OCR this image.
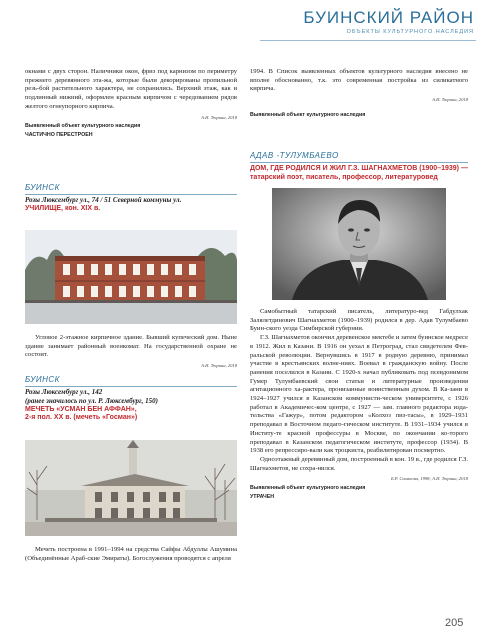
БУИНСКИЙ РАЙОН
ОБЪЕКТЫ КУЛЬТУРНОГО НАСЛЕДИЯ
окнами с двух сторон. Наличники окон, фриз под карнизом по периметру прежнего деревянного эта-жа, которые были декорированы пропильной резь-бой растительного характера, не сохранились. Верхний этаж, как и подлинный нижний, оформлен красным кирпичом с чередованием рядов желтого огнеупорного кирпича.
А.И. Тюрина, 2018
Выявленный объект культурного наследия
ЧАСТИЧНО ПЕРЕСТРОЕН
БУИНСК
Розы Люксембург ул., 74 / 51 Северной коммуны ул.
УЧИЛИЩЕ, кон. XIX в.
Угловое 2-этажное кирпичное здание. Бывший купеческий дом. Ныне здание занимает районный военкомат. На государственной охране не состоит.
А.И. Тюрина, 2018
БУИНСК
Розы Люксембург ул., 142
(ранее значилось по ул. Р. Люксембург, 150)
МЕЧЕТЬ «УСМАН БЕН АФФАН»,
2-я пол. XX в. (мечеть «Госман»)
Мечеть построена в 1991–1994 на средства Сайфы Абдуллы Ашумина (Объединённые Араб-ские Эмираты). Богослужения проводятся с апреля
1994. В Список выявленных объектов культурного наследия внесено не вполне обоснованно, т.к. это современная постройка из силикатного кирпича.
А.И. Тюрина, 2018
Выявленный объект культурного наследия
АДАВ -ТУЛУМБАЕВО
ДОМ, ГДЕ РОДИЛСЯ И ЖИЛ Г.З. ШАГНАХМЕТОВ (1900–1939) — татарский поэт, писатель, профессор, литературовед
Самобытный татарский писатель, литературо-вед Габдулхак Залялетдинович Шагнахметов (1900–1939) родился в дер. Адав Тулумбаево Буин-ского уезда Симбирской губернии.
Г.З. Шагнахметов окончил деревенское мектебе и затем буинское медресе в 1912. Жил в Казани. В 1916 он уехал в Петроград, стал свидетелем Фев-ральской революции. Вернувшись в 1917 в родную деревню, принимал участие в крестьянских волне-ниях. Воевал в гражданскую войну. После ранения поселился в Казани. С 1920-х начал публиковать под псевдонимом Гумер Тулумбаевский свои статьи и литературные произведения агитационного ха-рактера, пронизанные воинственным духом. В Ка-зани в 1924–1927 учился в Казанском коммунисти-ческом университете, с 1926 работал в Академичес-ком центре, с 1927 — зам. главного редактора изда-тельства «Гажур», потом редактором «Колхоз пиз-тасы», в 1929–1931 преподавал в Восточном педаго-гическом институте. В 1931–1934 учился в Институ-те красной профессуры в Москве, по окончании ко-торого преподавал в Казанском педагогическом институте, профессор (1934). В 1938 его репрессиро-вали как троцкиста, реабилитирован посмертно.
Одноэтажный деревянный дом, построенный в кон. 19 в., где родился Г.З. Шагнахметов, не сохра-нился.
Б.Р. Сахапова, 1998; А.И. Тюрина, 2018
Выявленный объект культурного наследия
УТРАЧЕН
205
